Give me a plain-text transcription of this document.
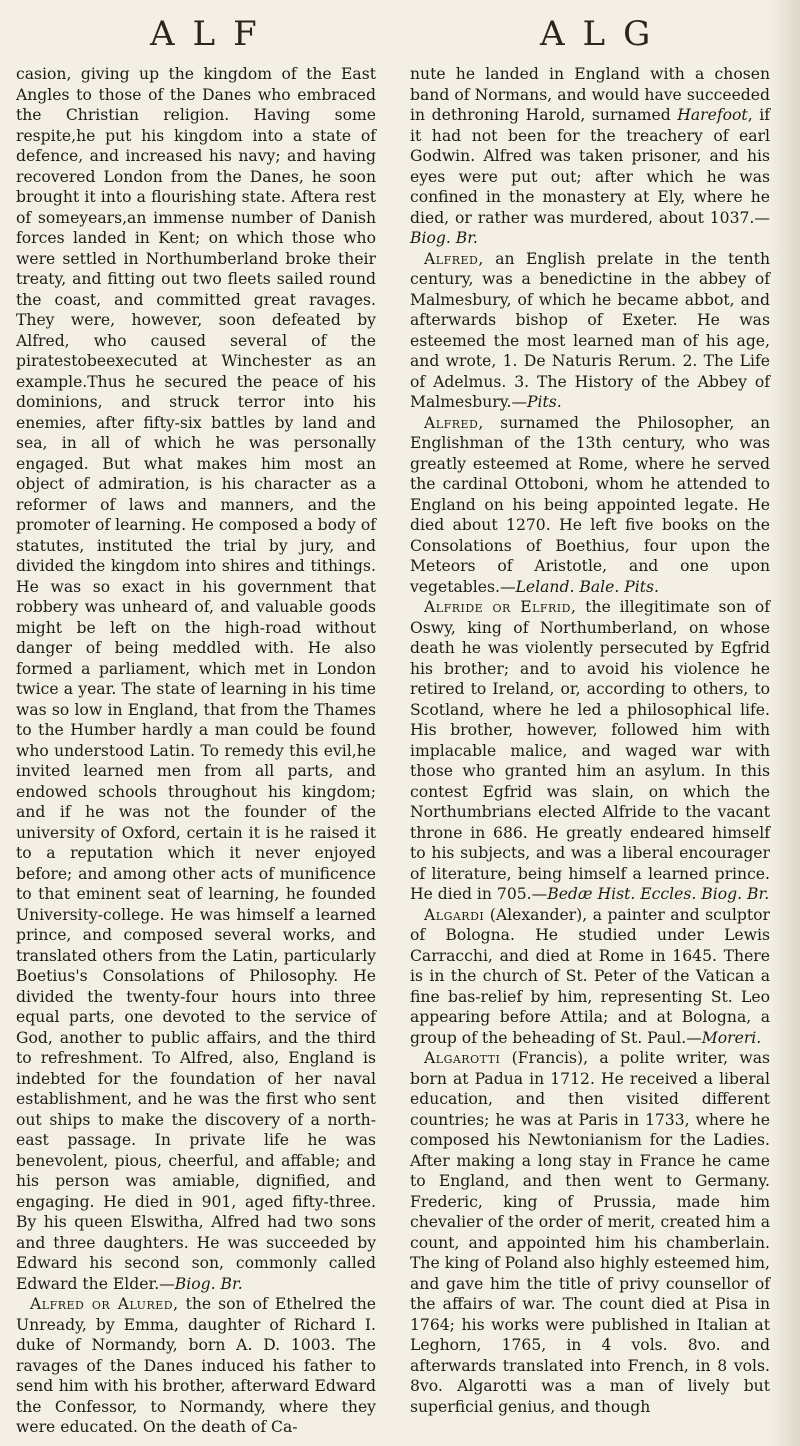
ALF	ALG

casion, giving up the kingdom of the East Angles to those of the Danes who embraced the Christian religion. Having some respite,he put his kingdom into a state of defence, and increased his navy; and having recovered London from the Danes, he soon brought it into a flourishing state. Aftera rest of someyears,an immense number of Danish forces landed in Kent; on which those who were settled in Northumberland broke their treaty, and fitting out two fleets sailed round the coast, and committed great ravages. They were, however, soon defeated by Alfred, who caused several of the piratestobeexecuted at Winchester as an example.Thus he secured the peace of his dominions, and struck terror into his enemies, after fifty-six battles by land and sea, in all of which he was personally engaged. But what makes him most an object of admiration, is his character as a reformer of laws and manners, and the promoter of learning. He composed a body of statutes, instituted the trial by jury, and divided the kingdom into shires and tithings. He was so exact in his government that robbery was unheard of, and valuable goods might be left on the high-road without danger of being meddled with. He also formed a parliament, which met in London twice a year. The state of learning in his time was so low in England, that from the Thames to the Humber hardly a man could be found who understood Latin. To remedy this evil,he invited learned men from all parts, and endowed schools throughout his kingdom; and if he was not the founder of the university of Oxford, certain it is he raised it to a reputation which it never enjoyed before; and among other acts of munificence to that eminent seat of learning, he founded University-college. He was himself a learned prince, and composed several works, and translated others from the Latin, particularly Boetius's Consolations of Philosophy. He divided the twenty-four hours into three equal parts, one devoted to the service of God, another to public affairs, and the third to refreshment. To Alfred, also, England is indebted for the foundation of her naval establishment, and he was the first who sent out ships to make the discovery of a north-east passage. In private life he was benevolent, pious, cheerful, and affable; and his person was amiable, dignified, and engaging. He died in 901, aged fifty-three. By his queen Elswitha, Alfred had two sons and three daughters. He was succeeded by Edward his second son, commonly called Edward the Elder.—Biog. Br.

Alfred or Alured, the son of Ethelred the Unready, by Emma, daughter of Richard I. duke of Normandy, born A. D. 1003. The ravages of the Danes induced his father to send him with his brother, afterward Edward the Confessor, to Normandy, where they were educated. On the death of Ca-

nute he landed in England with a chosen band of Normans, and would have succeeded in dethroning Harold, surnamed Harefoot, if it had not been for the treachery of earl Godwin. Alfred was taken prisoner, and his eyes were put out; after which he was confined in the monastery at Ely, where he died, or rather was murdered, about 1037.—Biog. Br.

Alfred, an English prelate in the tenth century, was a benedictine in the abbey of Malmesbury, of which he became abbot, and afterwards bishop of Exeter. He was esteemed the most learned man of his age, and wrote, 1. De Naturis Rerum. 2. The Life of Adelmus. 3. The History of the Abbey of Malmesbury.—Pits.

Alfred, surnamed the Philosopher, an Englishman of the 13th century, who was greatly esteemed at Rome, where he served the cardinal Ottoboni, whom he attended to England on his being appointed legate. He died about 1270. He left five books on the Consolations of Boethius, four upon the Meteors of Aristotle, and one upon vegetables.—Leland. Bale. Pits.

Alfride or Elfrid, the illegitimate son of Oswy, king of Northumberland, on whose death he was violently persecuted by Egfrid his brother; and to avoid his violence he retired to Ireland, or, according to others, to Scotland, where he led a philosophical life. His brother, however, followed him with implacable malice, and waged war with those who granted him an asylum. In this contest Egfrid was slain, on which the Northumbrians elected Alfride to the vacant throne in 686. He greatly endeared himself to his subjects, and was a liberal encourager of literature, being himself a learned prince. He died in 705.—Bedæ Hist. Eccles. Biog. Br.

Algardi (Alexander), a painter and sculptor of Bologna. He studied under Lewis Carracchi, and died at Rome in 1645. There is in the church of St. Peter of the Vatican a fine bas-relief by him, representing St. Leo appearing before Attila; and at Bologna, a group of the beheading of St. Paul.—Moreri.

Algarotti (Francis), a polite writer, was born at Padua in 1712. He received a liberal education, and then visited different countries; he was at Paris in 1733, where he composed his Newtonianism for the Ladies. After making a long stay in France he came to England, and then went to Germany. Frederic, king of Prussia, made him chevalier of the order of merit, created him a count, and appointed him his chamberlain. The king of Poland also highly esteemed him, and gave him the title of privy counsellor of the affairs of war. The count died at Pisa in 1764; his works were published in Italian at Leghorn, 1765, in 4 vols. 8vo. and afterwards translated into French, in 8 vols. 8vo. Algarotti was a man of lively but superficial genius, and though
